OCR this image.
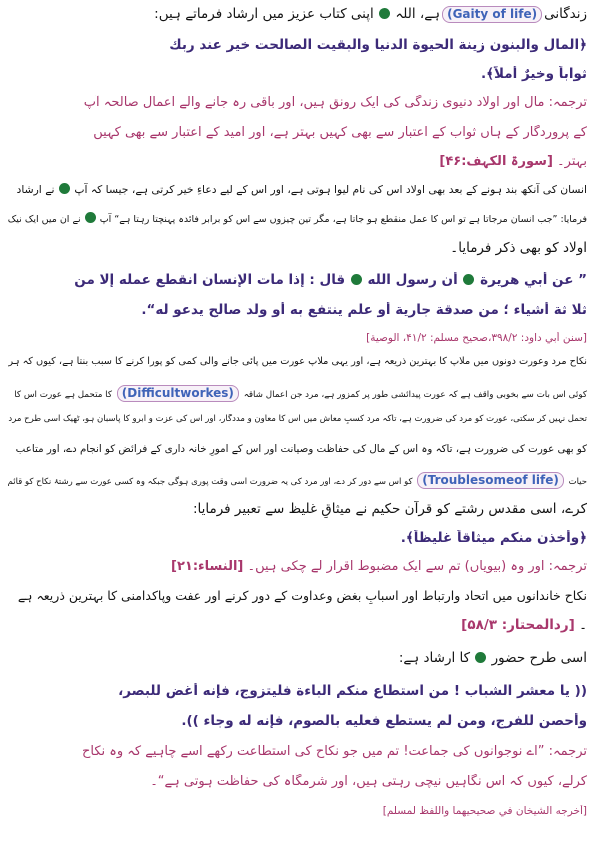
زندگانی(Gaity of life)ہے، اللہ  اپنی کتاب عزیز میں ارشاد فرماتے ہیں:
﴿المال والبنون زينة الحيوة الدنيا والبقيت الصالحت خير عند ربك
ثواباً وخيرٌ أملاً﴾.
ترجمہ: مال اور اولاد دنیوی زندگی کی ایک رونق ہیں، اور باقی رہ جانے والے اعمال صالحہ آپ
کے پروردگار کے ہاں ثواب کے اعتبار سے بھی کہیں بہتر ہے، اور امید کے اعتبار سے بھی کہیں
بہتر۔ [سورۃ الکہف:۴۶]
انسان کی آنکھ بند ہونے کے بعد بھی اولاد اس کی نام لیوا ہوتی ہے، اور اس کے لیے دعاءِ خیر کرتی ہے، جیسا کہ آپ  نے ارشاد
فرمایا: ”جب انسان مرجاتا ہے تو اس کا عمل منقطع ہو جاتا ہے، مگر تین چیزوں سے اس کو برابر فائدہ پہنچتا رہتا ہے“ آپ  نے ان میں ایک نیک
اولاد کو بھی ذکر فرمایا۔
” عن أبي هريرة  أن رسول الله  قال : إذا مات الإنسان انقطع عمله إلا من
ثلا ثة أشياء ؛ من صدقة جارية أو علم ينتفع به أو ولد صالح يدعو له“.
[سنن أبي داود: ۳۹۸/۲،صحيح مسلم: ۴۱/۲، الوصية]
نکاح مرد وعورت دونوں میں ملاپ کا بہترین ذریعہ ہے، اور یہی ملاپ عورت میں پائی جانے والی کمی کو پورا کرنے کا سبب بنتا ہے، کیوں کہ ہر
کوئی اس بات سے بخوبی واقف ہے کہ عورت پیدائشی طور پر کمزور ہے، مرد جن اعمال شاقہ (Difficultworkes) کا متحمل ہے عورت اس کا
تحمل نہیں کر سکتی، عورت کو مرد کی ضرورت ہے، تاکہ مرد کسبِ معاش میں اس کا معاون و مددگار، اور اس کی عزت و آبرو کا پاسبان ہو، ٹھیک اسی طرح مرد
کو بھی عورت کی ضرورت ہے، تاکہ وہ اس کے مال کی حفاظت وصیانت اور اس کے امورِ خانہ داری کے فرائض کو انجام دے، اور متاعب
حیات (Troublesomeof life) کو اس سے دور کر دے، اور مرد کی یہ ضرورت اسی وقت پوری ہوگی جبکہ وہ کسی عورت سے رشتۂ نکاح کو قائم
کرے، اسی مقدس رشتے کو قرآن حکیم نے میثاقِ غلیظ سے تعبیر فرمایا:
﴿وأخذن منكم ميثاقاً غليظاً﴾.
ترجمہ: اور وہ (بیویاں) تم سے ایک مضبوط اقرار لے چکی ہیں۔ [النساء:۲۱]
نکاح خاندانوں میں اتحاد وارتباط اور اسبابِ بغض وعداوت کے دور کرنے اور عفت وپاکدامنی کا بہترین ذریعہ ہے
۔ [ردالمحتار: ۵۸/۳]
اسی طرح حضور  کا ارشاد ہے:
(( يا معشر الشباب ! من استطاع منكم الباءة فليتزوج، فإنه أغض للبصر،
وأحصن للفرج، ومن لم يستطع فعليه بالصوم، فإنه له وجاء )).
ترجمہ: ”اے نوجوانوں کی جماعت! تم میں جو نکاح کی استطاعت رکھے اسے چاہیے کہ وہ نکاح
کرلے، کیوں کہ اس نگاہیں نیچی رہتی ہیں، اور شرمگاہ کی حفاظت ہوتی ہے“۔
[أخرجه الشيخان في صحيحيهما واللفظ لمسلم]
